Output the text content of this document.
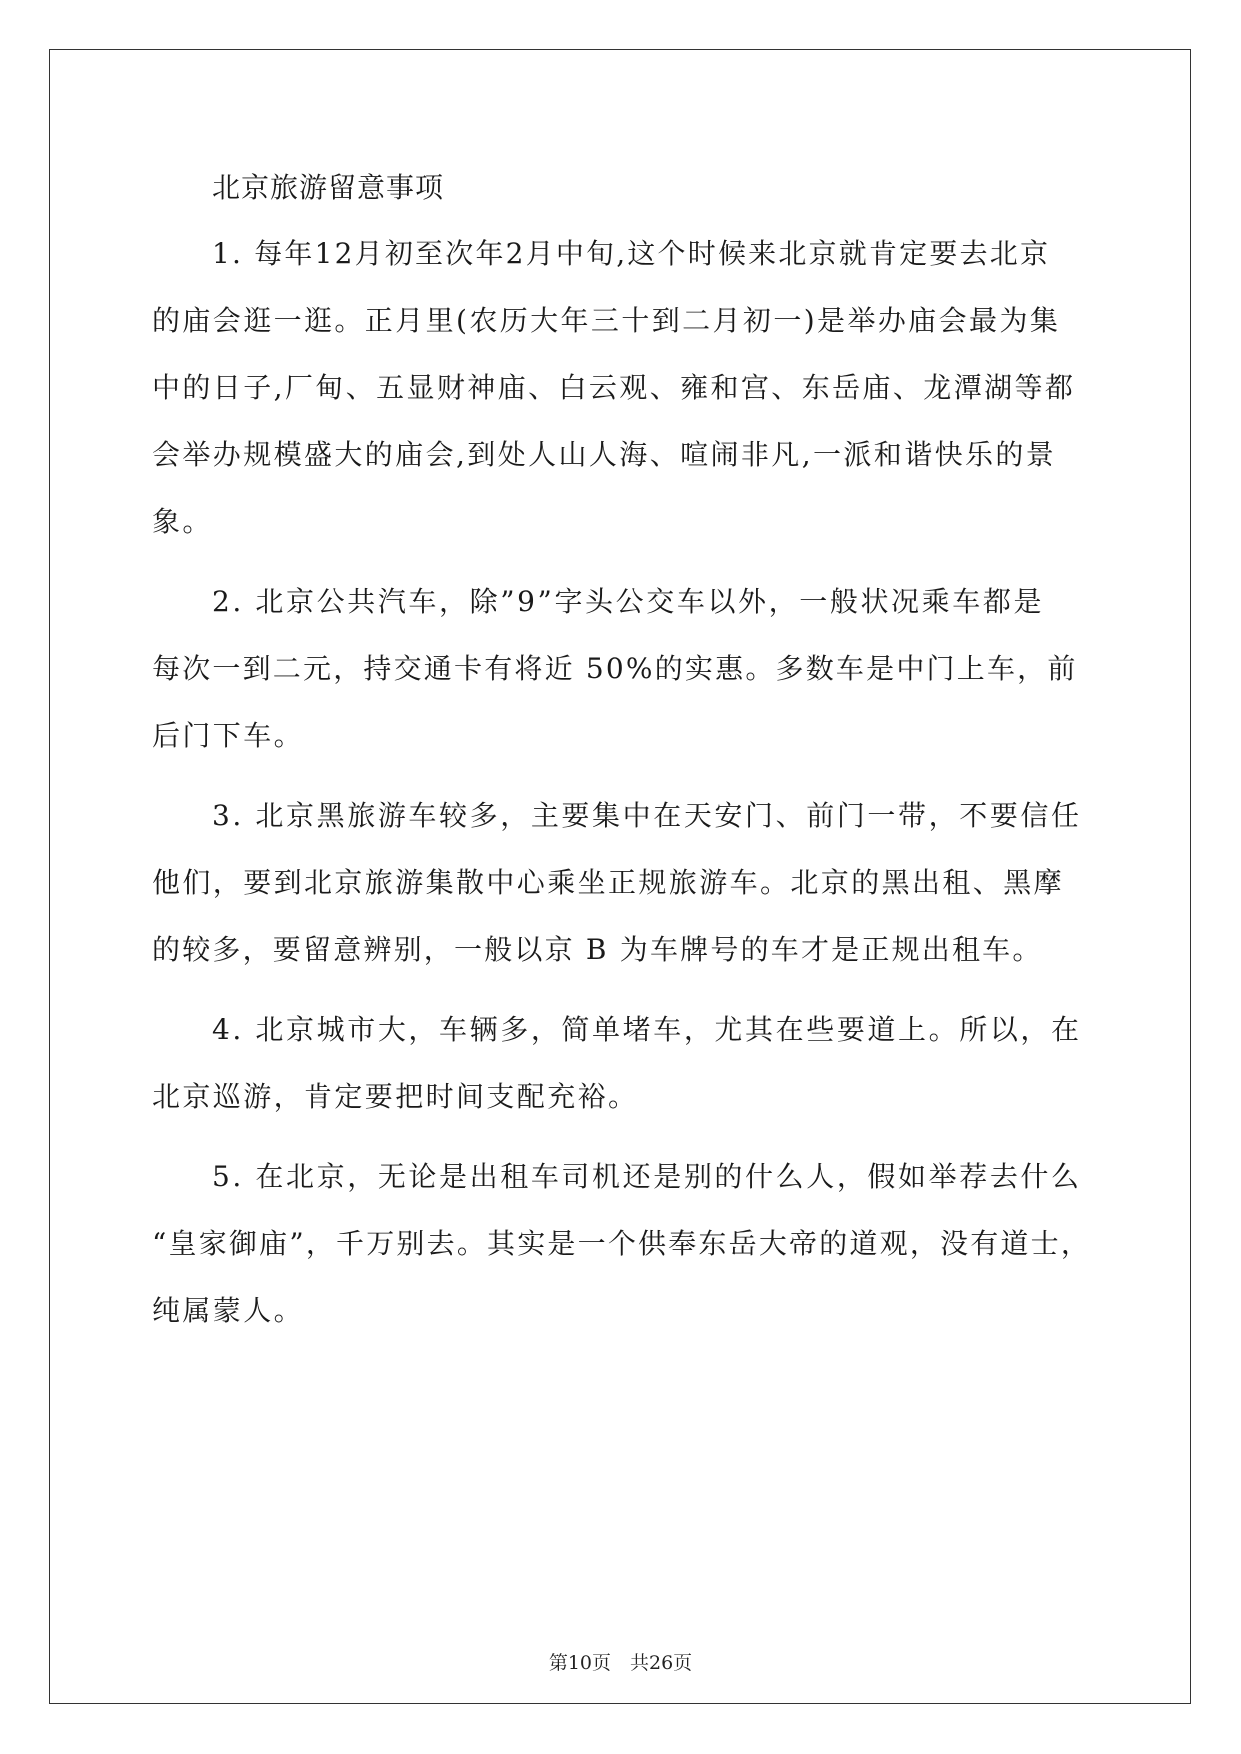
北京旅游留意事项
1. 每年12月初至次年2月中旬,这个时候来北京就肯定要去北京
的庙会逛一逛。正月里(农历大年三十到二月初一)是举办庙会最为集
中的日子,厂甸、五显财神庙、白云观、雍和宫、东岳庙、龙潭湖等都
会举办规模盛大的庙会,到处人山人海、喧闹非凡,一派和谐快乐的景
象。
2. 北京公共汽车，除”9”字头公交车以外，一般状况乘车都是
每次一到二元，持交通卡有将近 50%的实惠。多数车是中门上车，前
后门下车。
3. 北京黑旅游车较多，主要集中在天安门、前门一带，不要信任
他们，要到北京旅游集散中心乘坐正规旅游车。北京的黑出租、黑摩
的较多，要留意辨别，一般以京 B 为车牌号的车才是正规出租车。
4. 北京城市大，车辆多，简单堵车，尤其在些要道上。所以，在
北京巡游，肯定要把时间支配充裕。
5. 在北京，无论是出租车司机还是别的什么人，假如举荐去什么
“皇家御庙”，千万别去。其实是一个供奉东岳大帝的道观，没有道士，
纯属蒙人。
第10页　共26页
